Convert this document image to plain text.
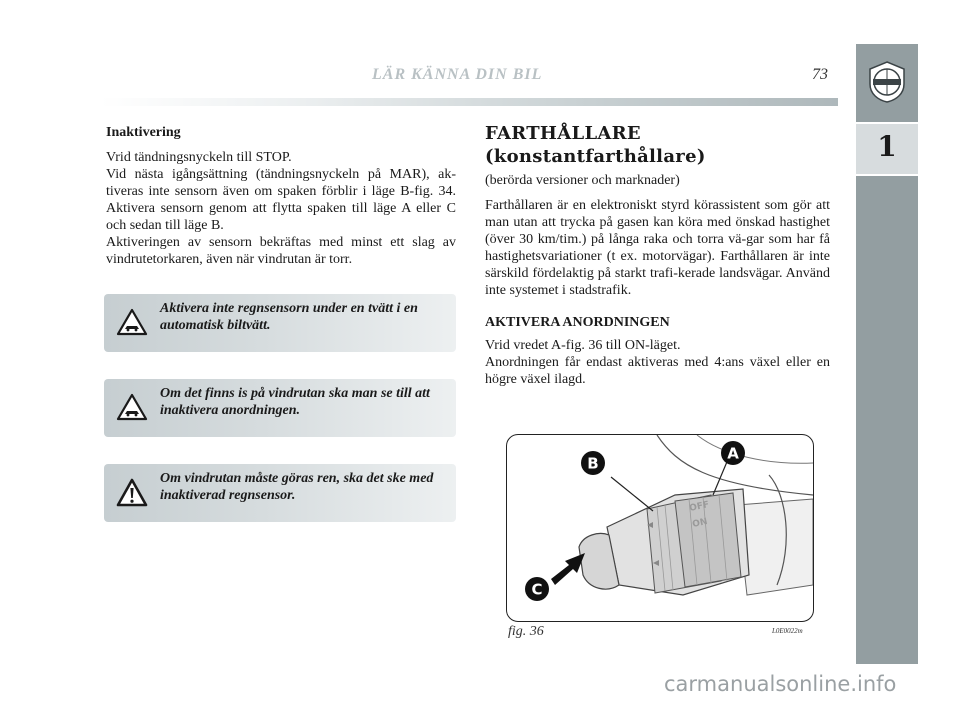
LÄR KÄNNA DIN BIL	73
1
Inaktivering

Vrid tändningsnyckeln till STOP.

Vid nästa igångsättning (tändningsnyckeln på MAR), ak-tiveras inte sensorn även om spaken förblir i läge B-fig. 34. Aktivera sensorn genom att flytta spaken till läge A eller C och sedan till läge B.

Aktiveringen av sensorn bekräftas med minst ett slag av vindrutetorkaren, även när vindrutan är torr.

Aktivera inte regnsensorn under en tvätt i en automatisk biltvätt.
Om det finns is på vindrutan ska man se till att inaktivera anordningen.
Om vindrutan måste göras ren, ska det ske med inaktiverad regnsensor.
FARTHÅLLARE
(konstantfarthållare)

(berörda versioner och marknader)

Farthållaren är en elektroniskt styrd körassistent som gör att man utan att trycka på gasen kan köra med önskad hastighet (över 30 km/tim.) på långa raka och torra vä-gar som har få hastighetsvariationer (t ex. motorvägar). Farthållaren är inte särskild fördelaktig på starkt trafi-kerade landsvägar. Använd inte systemet i stadstrafik.

AKTIVERA ANORDNINGEN

Vrid vredet A-fig. 36 till ON-läget.

Anordningen får endast aktiveras med 4:ans växel eller en högre växel ilagd.

OFF
ON
B
A
C
fig. 36	L0E0022m
carmanualsonline.info
